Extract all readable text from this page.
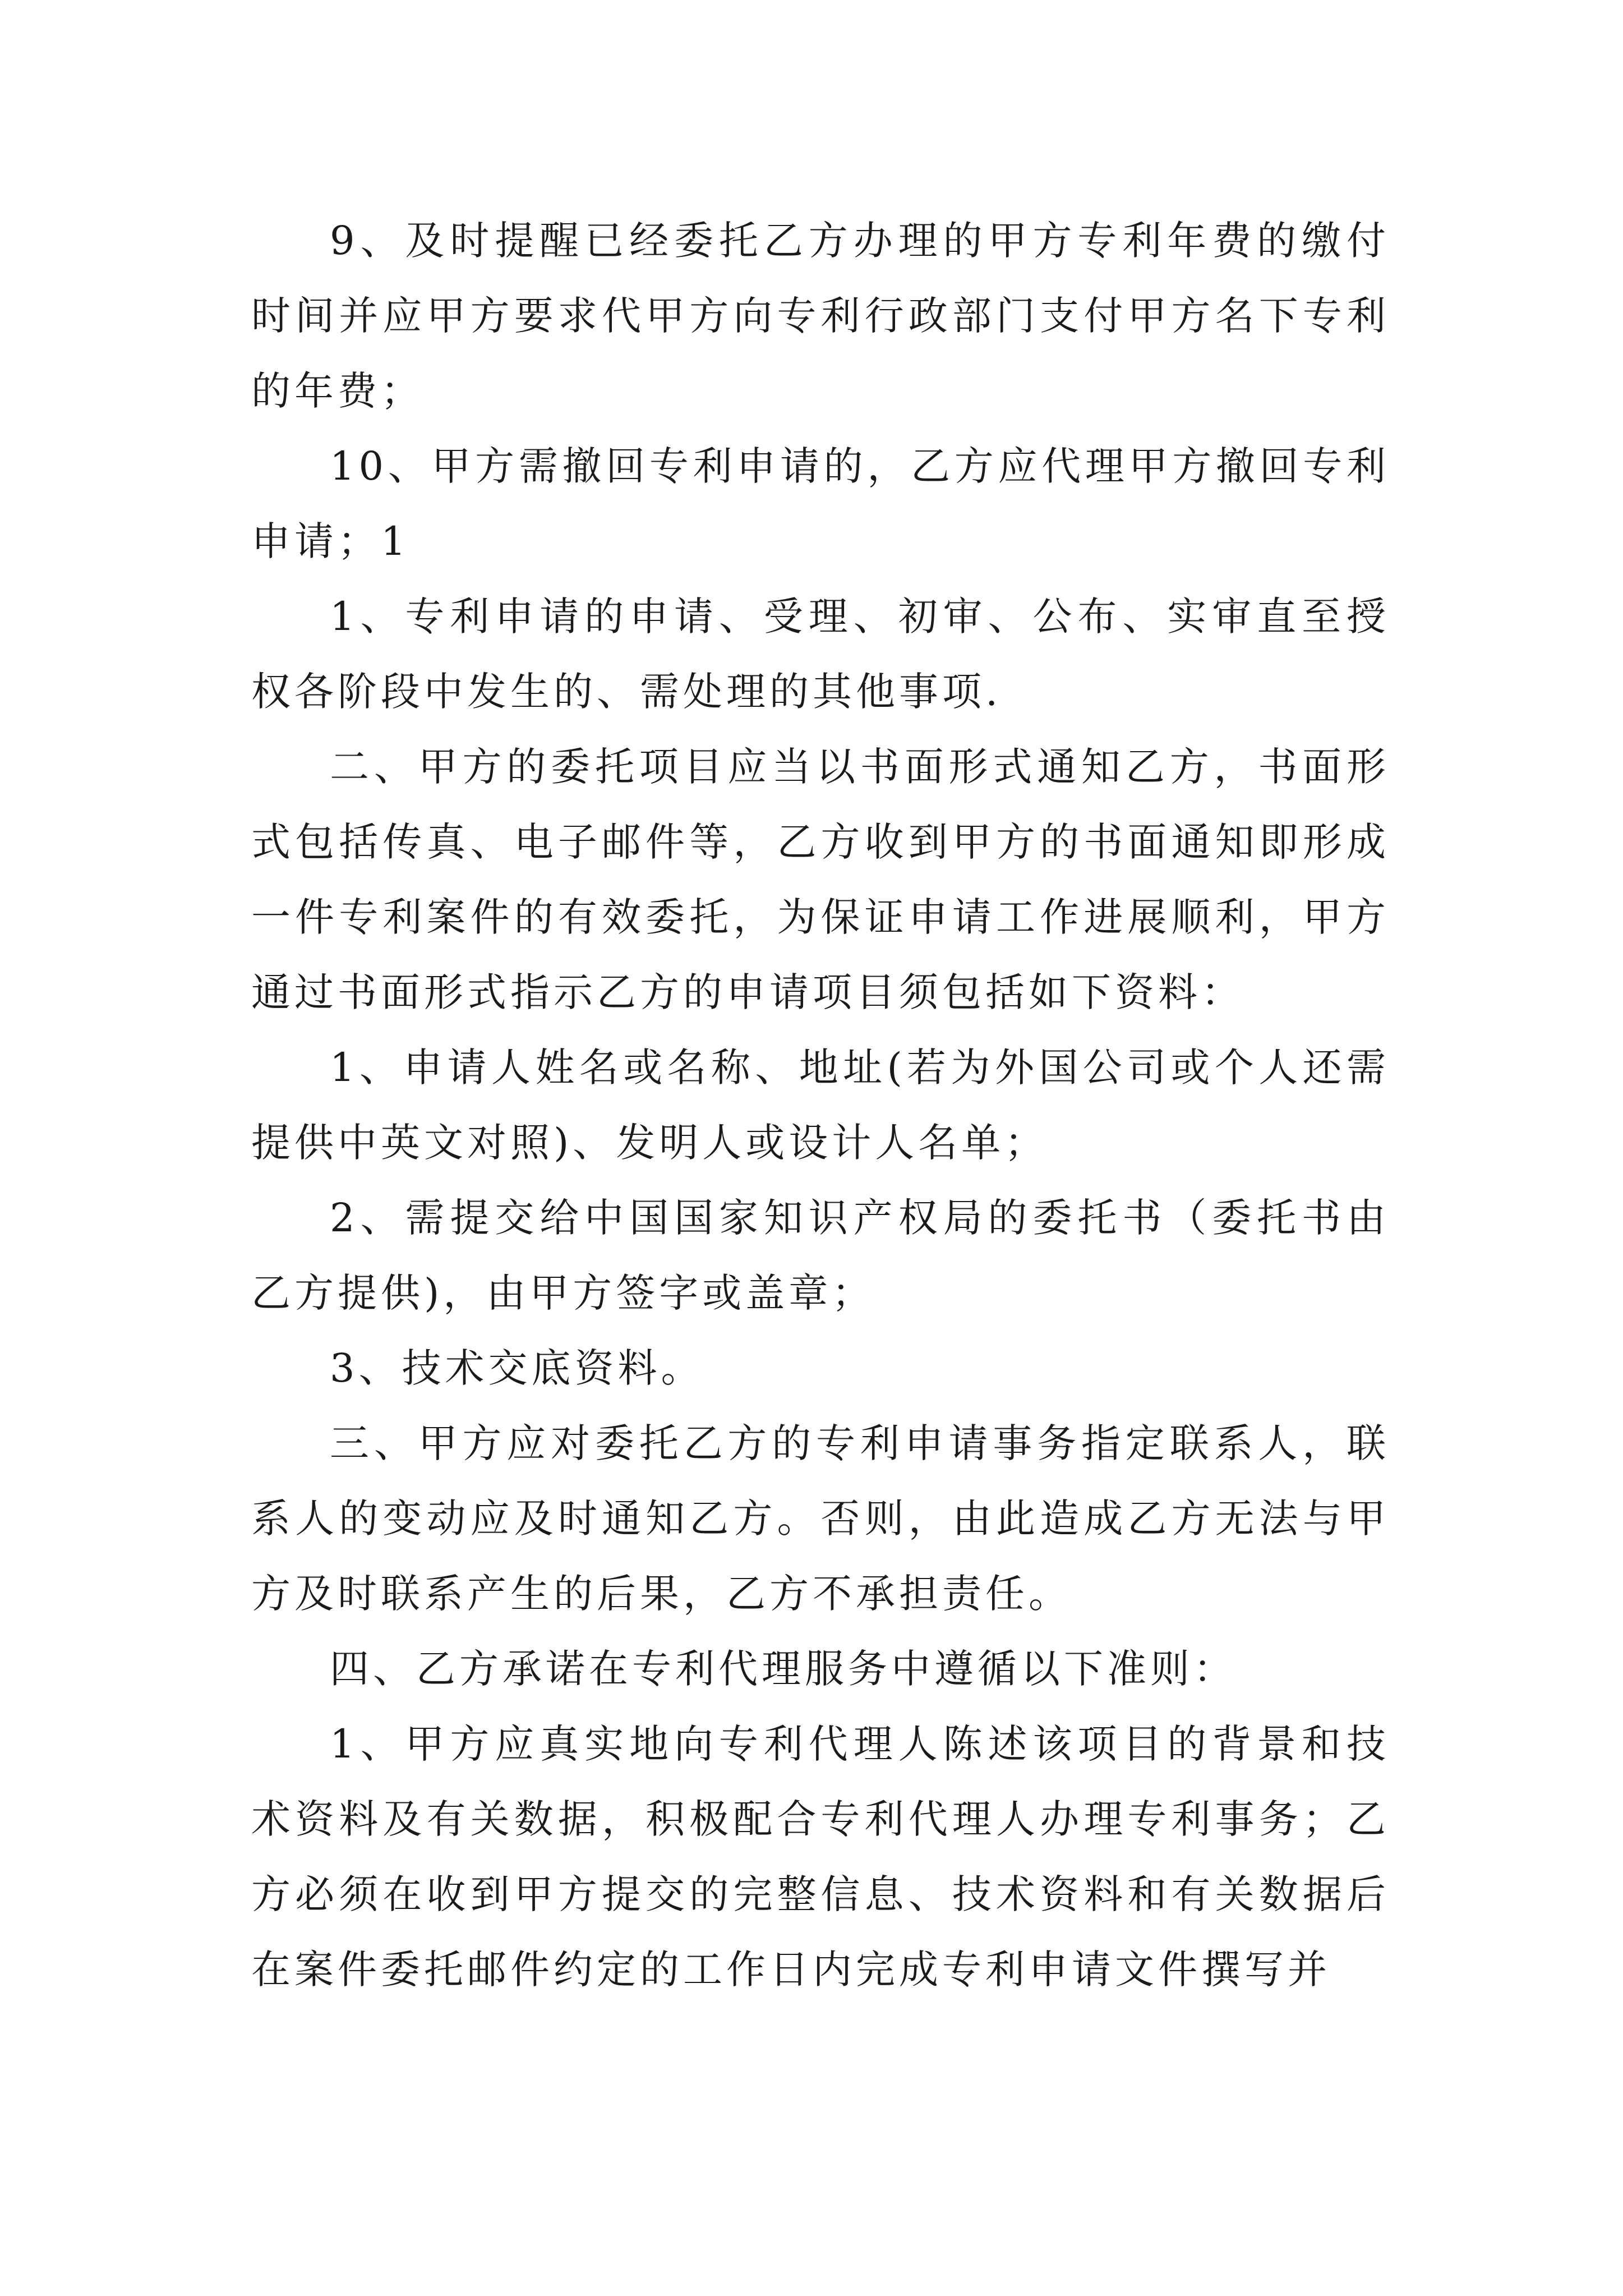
9、及时提醒已经委托乙方办理的甲方专利年费的缴付时间并应甲方要求代甲方向专利行政部门支付甲方名下专利的年费；

10、甲方需撤回专利申请的，乙方应代理甲方撤回专利申请；1

1、专利申请的申请、受理、初审、公布、实审直至授权各阶段中发生的、需处理的其他事项.

二、甲方的委托项目应当以书面形式通知乙方，书面形式包括传真、电子邮件等，乙方收到甲方的书面通知即形成一件专利案件的有效委托，为保证申请工作进展顺利，甲方通过书面形式指示乙方的申请项目须包括如下资料：

1、申请人姓名或名称、地址(若为外国公司或个人还需提供中英文对照)、发明人或设计人名单；

2、需提交给中国国家知识产权局的委托书（委托书由乙方提供)，由甲方签字或盖章；

3、技术交底资料。

三、甲方应对委托乙方的专利申请事务指定联系人，联系人的变动应及时通知乙方。否则，由此造成乙方无法与甲方及时联系产生的后果，乙方不承担责任。

四、乙方承诺在专利代理服务中遵循以下准则：

1、甲方应真实地向专利代理人陈述该项目的背景和技术资料及有关数据，积极配合专利代理人办理专利事务；乙方必须在收到甲方提交的完整信息、技术资料和有关数据后在案件委托邮件约定的工作日内完成专利申请文件撰写并
